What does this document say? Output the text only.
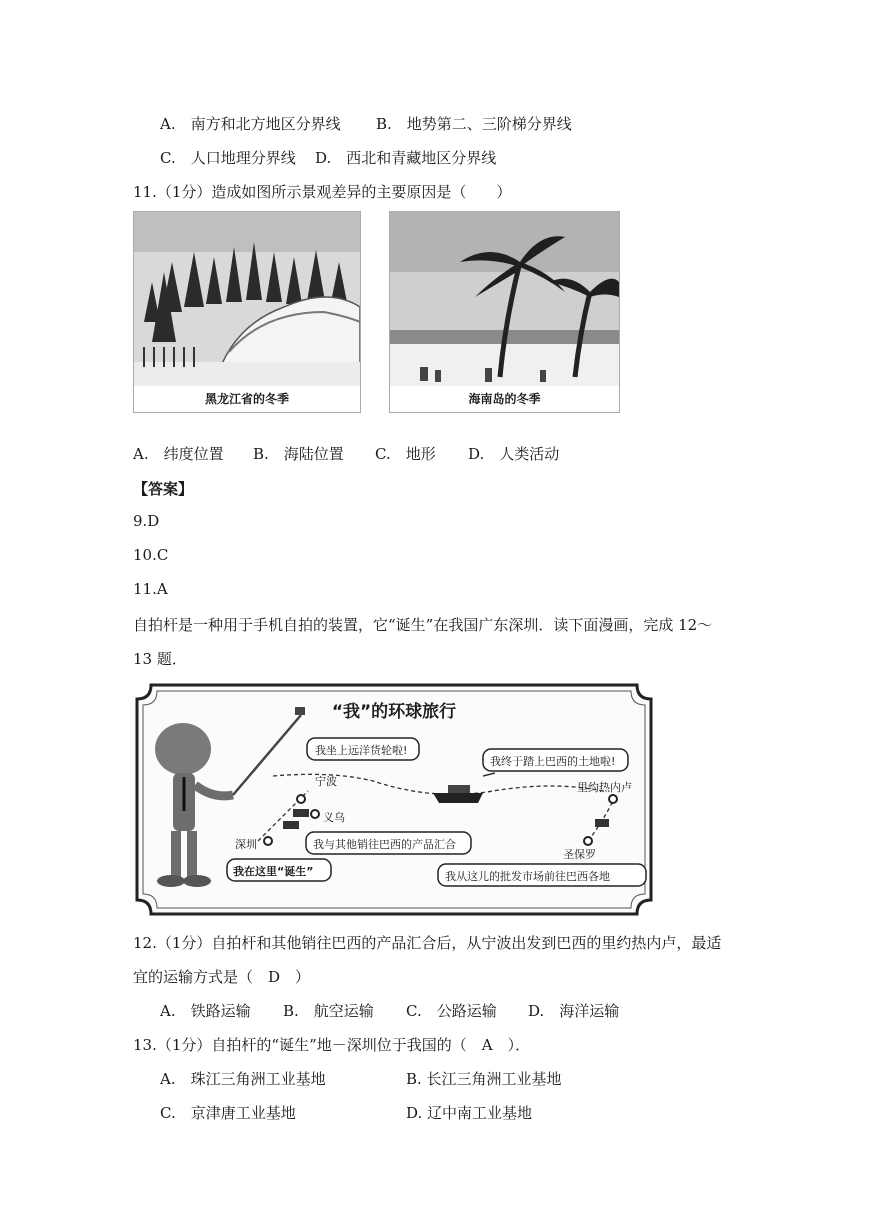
A.　南方和北方地区分界线 B.　地势第二、三阶梯分界线
C.　人口地理分界线 D.　西北和青藏地区分界线
11.（1分）造成如图所示景观差异的主要原因是（　　）
黑龙江省的冬季	海南岛的冬季
A.　纬度位置 B.　海陆位置 C.　地形 D.　人类活动
【答案】
9.D
10.C
11.A
自拍杆是一种用于手机自拍的装置，它“诞生”在我国广东深圳．读下面漫画，完成 12～
13 题．
“我”的环球旅行
我坐上远洋货轮啦!
我终于踏上巴西的土地啦!
我与其他销往巴西的产品汇合
我在这里“诞生”	我从这儿的批发市场前往巴西各地
宁波
义乌
深圳
里约热内卢
圣保罗
12.（1分）自拍杆和其他销往巴西的产品汇合后，从宁波出发到巴西的里约热内卢，最适
宜的运输方式是（　D　）
A.　铁路运输 B.　航空运输 C.　公路运输 D.　海洋运输
13.（1分）自拍杆的“诞生”地－深圳位于我国的（　A　）．
A.　珠江三角洲工业基地	B. 长江三角洲工业基地
C.　京津唐工业基地	D. 辽中南工业基地
